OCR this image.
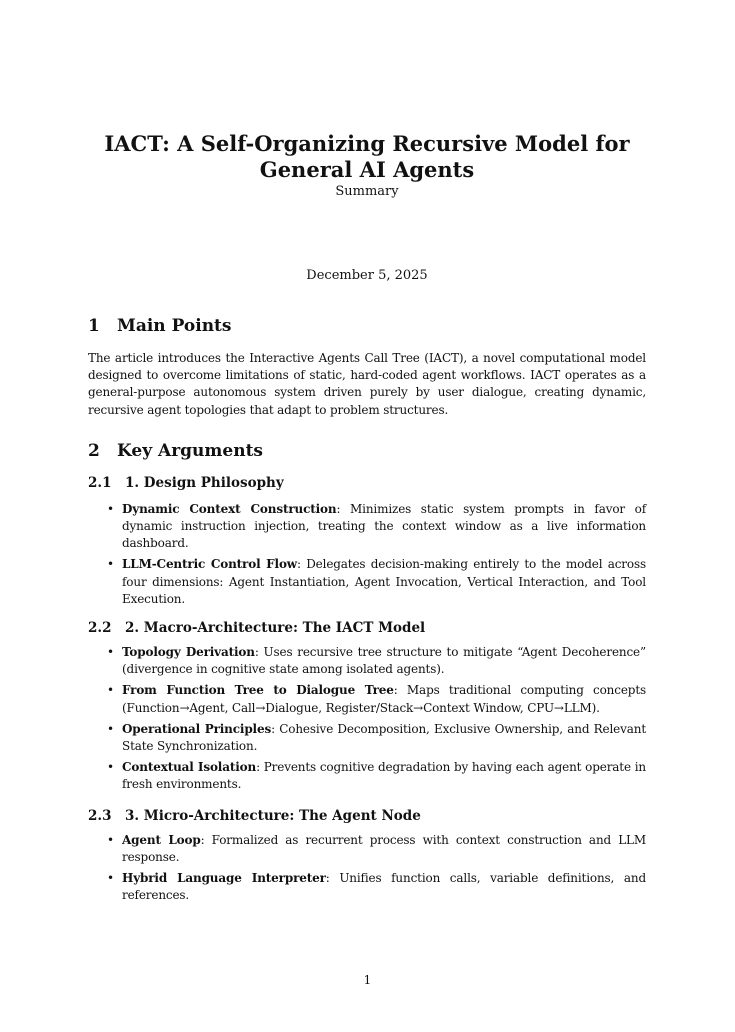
IACT: A Self-Organizing Recursive Model for General AI Agents
Summary
December 5, 2025
1	Main Points

The article introduces the Interactive Agents Call Tree (IACT), a novel computational model designed to overcome limitations of static, hard-coded agent workflows. IACT operates as a general-purpose autonomous system driven purely by user dialogue, creating dynamic, recursive agent topologies that adapt to problem structures.

2	Key Arguments
2.1	1. Design Philosophy
• Dynamic Context Construction: Minimizes static system prompts in favor of dynamic instruction injection, treating the context window as a live information dashboard.
• LLM-Centric Control Flow: Delegates decision-making entirely to the model across four dimensions: Agent Instantiation, Agent Invocation, Vertical Interaction, and Tool Execution.
2.2	2. Macro-Architecture: The IACT Model
• Topology Derivation: Uses recursive tree structure to mitigate “Agent Decoherence” (divergence in cognitive state among isolated agents).
• From Function Tree to Dialogue Tree: Maps traditional computing concepts (Function→Agent, Call→Dialogue, Register/Stack→Context Window, CPU→LLM).
• Operational Principles: Cohesive Decomposition, Exclusive Ownership, and Relevant State Synchronization.
• Contextual Isolation: Prevents cognitive degradation by having each agent operate in fresh environments.
2.3	3. Micro-Architecture: The Agent Node
• Agent Loop: Formalized as recurrent process with context construction and LLM response.
• Hybrid Language Interpreter: Unifies function calls, variable definitions, and references.
1
